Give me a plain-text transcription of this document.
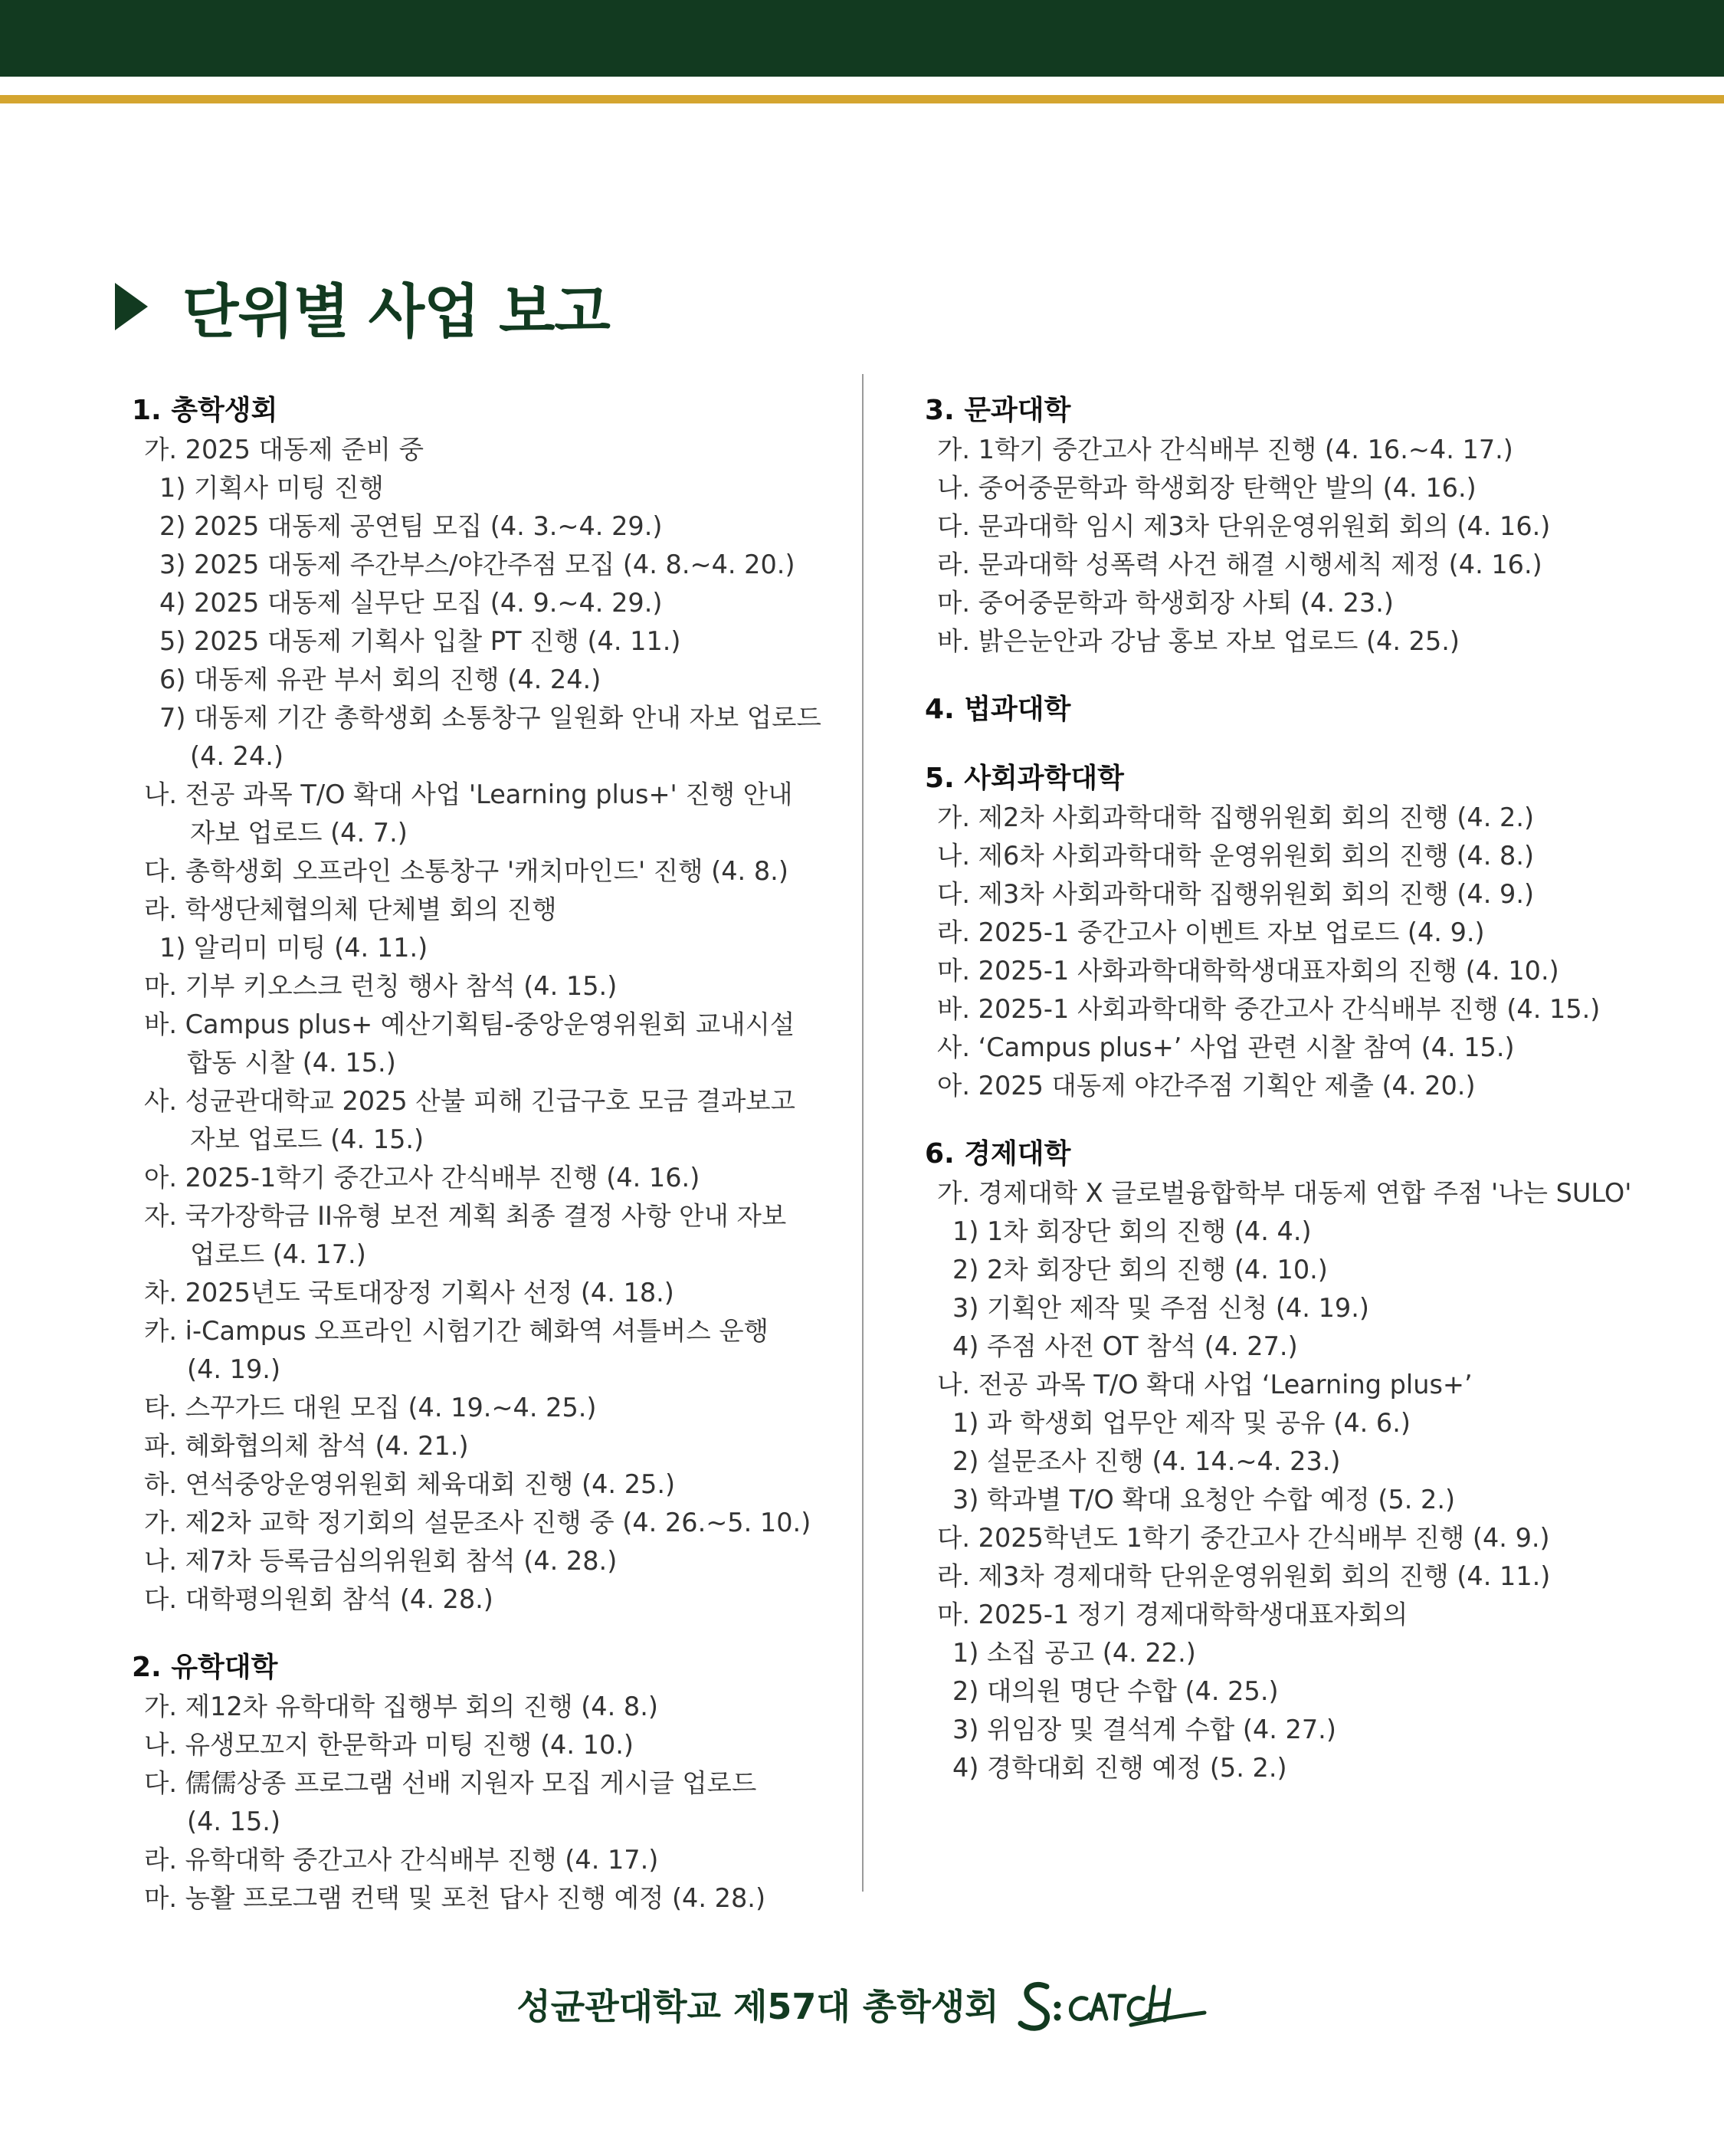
단위별 사업 보고
1. 총학생회
가. 2025 대동제 준비 중
1) 기획사 미팅 진행
2) 2025 대동제 공연팀 모집 (4. 3.~4. 29.)
3) 2025 대동제 주간부스/야간주점 모집 (4. 8.~4. 20.)
4) 2025 대동제 실무단 모집 (4. 9.~4. 29.)
5) 2025 대동제 기획사 입찰 PT 진행 (4. 11.)
6) 대동제 유관 부서 회의 진행 (4. 24.)
7) 대동제 기간 총학생회 소통창구 일원화 안내 자보 업로드
(4. 24.)
나. 전공 과목 T/O 확대 사업 'Learning plus+' 진행 안내
자보 업로드 (4. 7.)
다. 총학생회 오프라인 소통창구 '캐치마인드' 진행 (4. 8.)
라. 학생단체협의체 단체별 회의 진행
1) 알리미 미팅 (4. 11.)
마. 기부 키오스크 런칭 행사 참석 (4. 15.)
바. Campus plus+ 예산기획팀-중앙운영위원회 교내시설
합동 시찰 (4. 15.)
사. 성균관대학교 2025 산불 피해 긴급구호 모금 결과보고
자보 업로드 (4. 15.)
아. 2025-1학기 중간고사 간식배부 진행 (4. 16.)
자. 국가장학금 II유형 보전 계획 최종 결정 사항 안내 자보
업로드 (4. 17.)
차. 2025년도 국토대장정 기획사 선정 (4. 18.)
카. i-Campus 오프라인 시험기간 혜화역 셔틀버스 운행
(4. 19.)
타. 스꾸가드 대원 모집 (4. 19.~4. 25.)
파. 혜화협의체 참석 (4. 21.)
하. 연석중앙운영위원회 체육대회 진행 (4. 25.)
가. 제2차 교학 정기회의 설문조사 진행 중 (4. 26.~5. 10.)
나. 제7차 등록금심의위원회 참석 (4. 28.)
다. 대학평의원회 참석 (4. 28.)
2. 유학대학
가. 제12차 유학대학 집행부 회의 진행 (4. 8.)
나. 유생모꼬지 한문학과 미팅 진행 (4. 10.)
다. 儒儒상종 프로그램 선배 지원자 모집 게시글 업로드
(4. 15.)
라. 유학대학 중간고사 간식배부 진행 (4. 17.)
마. 농활 프로그램 컨택 및 포천 답사 진행 예정 (4. 28.)
3. 문과대학
가. 1학기 중간고사 간식배부 진행 (4. 16.~4. 17.)
나. 중어중문학과 학생회장 탄핵안 발의 (4. 16.)
다. 문과대학 임시 제3차 단위운영위원회 회의 (4. 16.)
라. 문과대학 성폭력 사건 해결 시행세칙 제정 (4. 16.)
마. 중어중문학과 학생회장 사퇴 (4. 23.)
바. 밝은눈안과 강남 홍보 자보 업로드 (4. 25.)
4. 법과대학
5. 사회과학대학
가. 제2차 사회과학대학 집행위원회 회의 진행 (4. 2.)
나. 제6차 사회과학대학 운영위원회 회의 진행 (4. 8.)
다. 제3차 사회과학대학 집행위원회 회의 진행 (4. 9.)
라. 2025-1 중간고사 이벤트 자보 업로드 (4. 9.)
마. 2025-1 사화과학대학학생대표자회의 진행 (4. 10.)
바. 2025-1 사회과학대학 중간고사 간식배부 진행 (4. 15.)
사. ‘Campus plus+’ 사업 관련 시찰 참여 (4. 15.)
아. 2025 대동제 야간주점 기획안 제출 (4. 20.)
6. 경제대학
가. 경제대학 X 글로벌융합학부 대동제 연합 주점 '나는 SULO'
1) 1차 회장단 회의 진행 (4. 4.)
2) 2차 회장단 회의 진행 (4. 10.)
3) 기획안 제작 및 주점 신청 (4. 19.)
4) 주점 사전 OT 참석 (4. 27.)
나. 전공 과목 T/O 확대 사업 ‘Learning plus+’
1) 과 학생회 업무안 제작 및 공유 (4. 6.)
2) 설문조사 진행 (4. 14.~4. 23.)
3) 학과별 T/O 확대 요청안 수합 예정 (5. 2.)
다. 2025학년도 1학기 중간고사 간식배부 진행 (4. 9.)
라. 제3차 경제대학 단위운영위원회 회의 진행 (4. 11.)
마. 2025-1 정기 경제대학학생대표자회의
1) 소집 공고 (4. 22.)
2) 대의원 명단 수합 (4. 25.)
3) 위임장 및 결석계 수합 (4. 27.)
4) 경학대회 진행 예정 (5. 2.)
성균관대학교 제57대 총학생회
